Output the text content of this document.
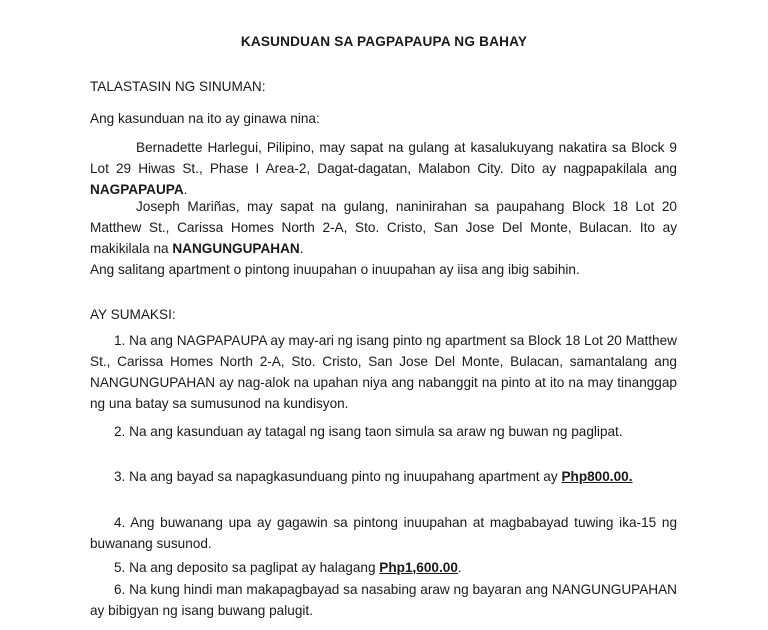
KASUNDUAN SA PAGPAPAUPA NG BAHAY
TALASTASIN NG SINUMAN:
Ang kasunduan na ito ay ginawa nina:
Bernadette Harlegui, Pilipino, may sapat na gulang at kasalukuyang nakatira sa Block 9 Lot 29 Hiwas St., Phase I Area-2, Dagat-dagatan, Malabon City. Dito ay nagpapakilala ang NAGPAPAUPA.
Joseph Mariñas, may sapat na gulang, naninirahan sa paupahang Block 18 Lot 20 Matthew St., Carissa Homes North 2-A, Sto. Cristo, San Jose Del Monte, Bulacan. Ito ay makikilala na NANGUNGUPAHAN.
Ang salitang apartment o pintong inuupahan o inuupahan ay iisa ang ibig sabihin.
AY SUMAKSI:
1. Na ang NAGPAPAUPA ay may-ari ng isang pinto ng apartment sa Block 18 Lot 20 Matthew St., Carissa Homes North 2-A, Sto. Cristo, San Jose Del Monte, Bulacan, samantalang ang NANGUNGUPAHAN ay nag-alok na upahan niya ang nabanggit na pinto at ito na may tinanggap ng una batay sa sumusunod na kundisyon.
2. Na ang kasunduan ay tatagal ng isang taon simula sa araw ng buwan ng paglipat.
3. Na ang bayad sa napagkasunduang pinto ng inuupahang apartment ay Php800.00.
4. Ang buwanang upa ay gagawin sa pintong inuupahan at magbabayad tuwing ika-15 ng buwanang susunod.
5. Na ang deposito sa paglipat ay halagang Php1,600.00.
6. Na kung hindi man makapagbayad sa nasabing araw ng bayaran ang NANGUNGUPAHAN ay bibigyan ng isang buwang palugit.
